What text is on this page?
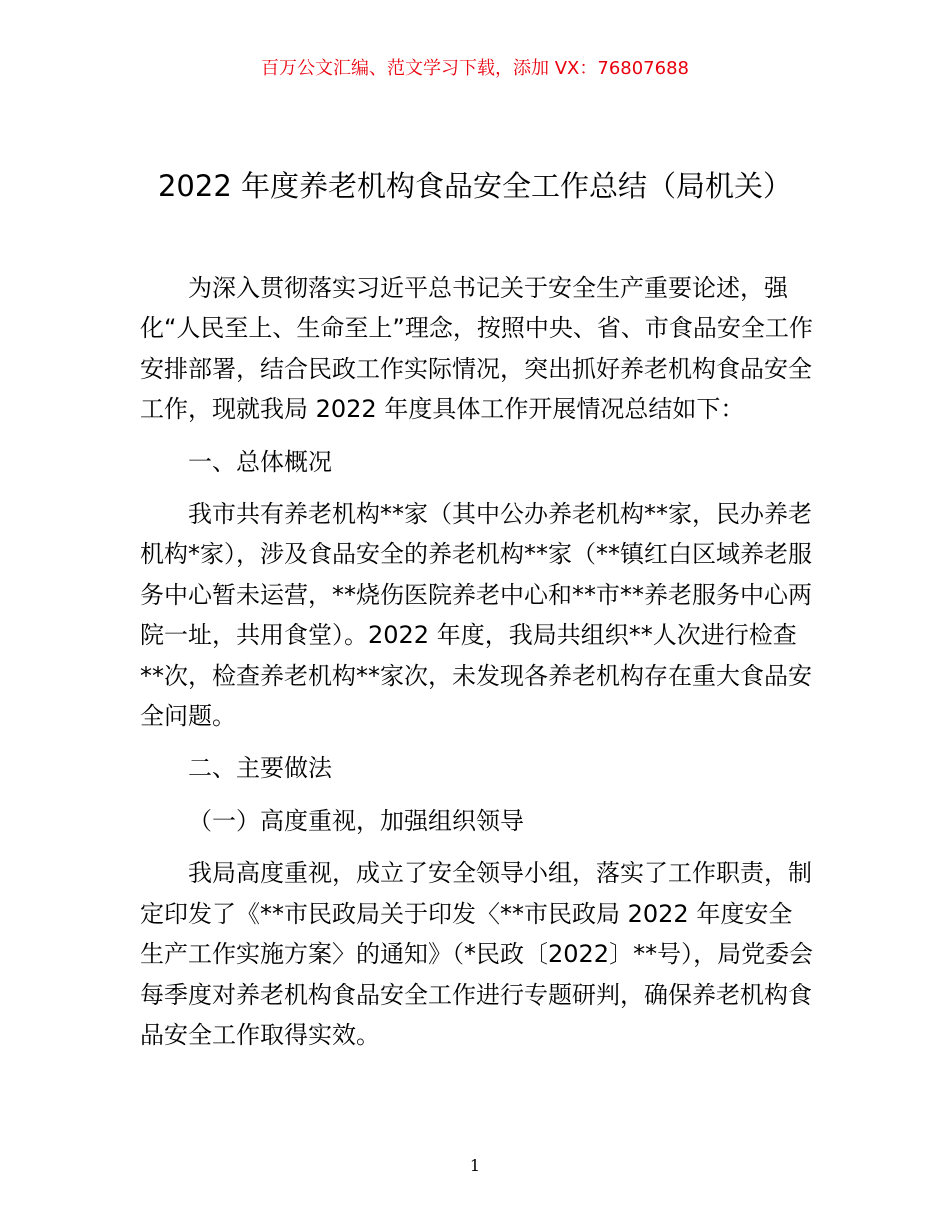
百万公文汇编、范文学习下载，添加 VX：76807688
2022 年度养老机构食品安全工作总结（局机关）

为深入贯彻落实习近平总书记关于安全生产重要论述，强化“人民至上、生命至上”理念，按照中央、省、市食品安全工作安排部署，结合民政工作实际情况，突出抓好养老机构食品安全工作，现就我局 2022 年度具体工作开展情况总结如下：

一、总体概况

我市共有养老机构**家（其中公办养老机构**家，民办养老机构*家），涉及食品安全的养老机构**家（**镇红白区域养老服务中心暂未运营，**烧伤医院养老中心和**市**养老服务中心两院一址，共用食堂）。2022 年度，我局共组织**人次进行检查**次，检查养老机构**家次，未发现各养老机构存在重大食品安全问题。

二、主要做法

（一）高度重视，加强组织领导

我局高度重视，成立了安全领导小组，落实了工作职责，制定印发了《**市民政局关于印发〈**市民政局 2022 年度安全生产工作实施方案〉的通知》（*民政〔2022〕**号），局党委会每季度对养老机构食品安全工作进行专题研判，确保养老机构食品安全工作取得实效。

1
